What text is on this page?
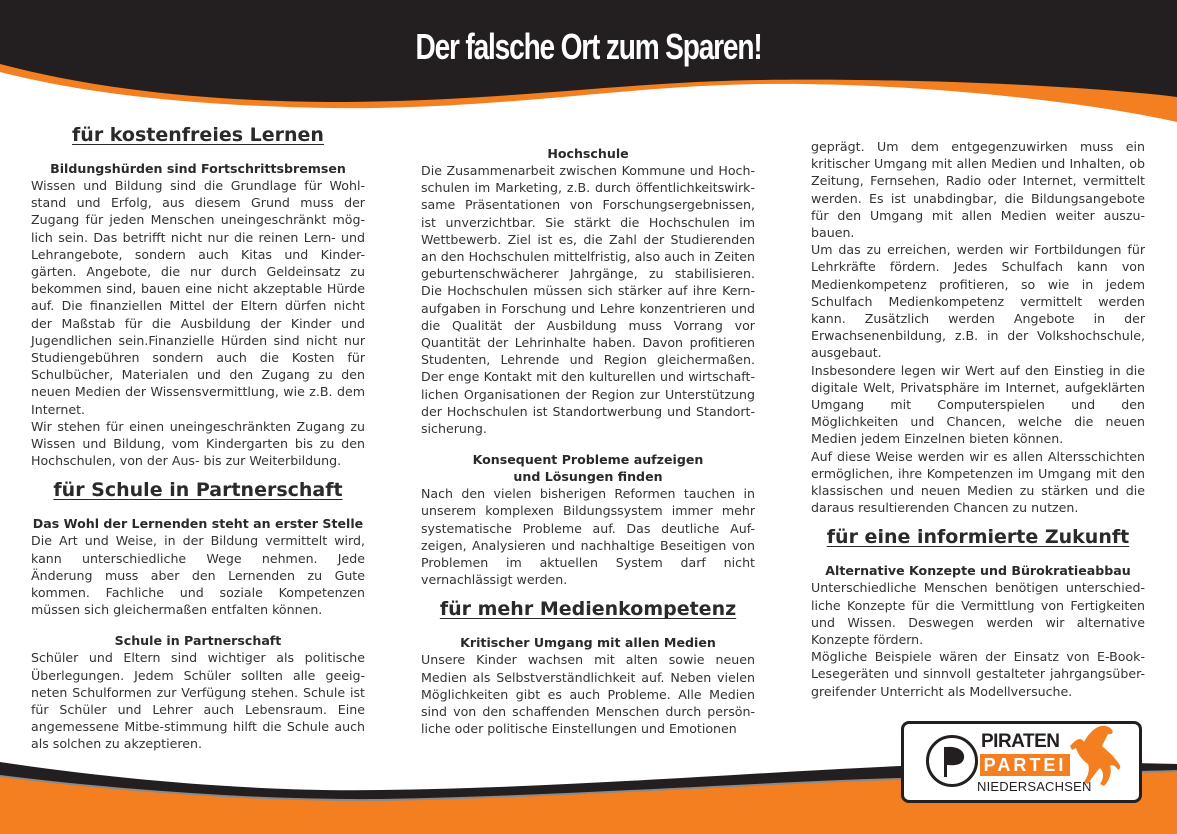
Der falsche Ort zum Sparen!
für kostenfreies Lernen
Bildungshürden sind Fortschrittsbremsen

Wissen und Bildung sind die Grundlage für Wohl-stand und Erfolg, aus diesem Grund muss der Zugang für jeden Menschen uneingeschränkt mög-lich sein. Das betrifft nicht nur die reinen Lern- und Lehrangebote, sondern auch Kitas und Kinder-gärten. Angebote, die nur durch Geldeinsatz zu bekommen sind, bauen eine nicht akzeptable Hürde auf. Die finanziellen Mittel der Eltern dürfen nicht der Maßstab für die Ausbildung der Kinder und Jugendlichen sein.Finanzielle Hürden sind nicht nur Studiengebühren sondern auch die Kosten für Schulbücher, Materialen und den Zugang zu den neuen Medien der Wissensvermittlung, wie z.B. dem Internet.

Wir stehen für einen uneingeschränkten Zugang zu Wissen und Bildung, vom Kindergarten bis zu den Hochschulen, von der Aus- bis zur Weiterbildung.

für Schule in Partnerschaft
Das Wohl der Lernenden steht an erster Stelle

Die Art und Weise, in der Bildung vermittelt wird, kann unterschiedliche Wege nehmen. Jede Änderung muss aber den Lernenden zu Gute kommen. Fachliche und soziale Kompetenzen müssen sich gleichermaßen entfalten können.

Schule in Partnerschaft

Schüler und Eltern sind wichtiger als politische Überlegungen. Jedem Schüler sollten alle geeig-neten Schulformen zur Verfügung stehen. Schule ist für Schüler und Lehrer auch Lebensraum. Eine angemessene Mitbe-stimmung hilft die Schule auch als solchen zu akzeptieren.

Hochschule

Die Zusammenarbeit zwischen Kommune und Hoch-schulen im Marketing, z.B. durch öffentlichkeitswirk-same Präsentationen von Forschungsergebnissen, ist unverzichtbar. Sie stärkt die Hochschulen im Wettbewerb. Ziel ist es, die Zahl der Studierenden an den Hochschulen mittelfristig, also auch in Zeiten geburtenschwächerer Jahrgänge, zu stabilisieren. Die Hochschulen müssen sich stärker auf ihre Kern-aufgaben in Forschung und Lehre konzentrieren und die Qualität der Ausbildung muss Vorrang vor Quantität der Lehrinhalte haben. Davon profitieren Studenten, Lehrende und Region gleichermaßen. Der enge Kontakt mit den kulturellen und wirtschaft-lichen Organisationen der Region zur Unterstützung der Hochschulen ist Standortwerbung und Standort-sicherung.

Konsequent Probleme aufzeigen
und Lösungen finden

Nach den vielen bisherigen Reformen tauchen in unserem komplexen Bildungssystem immer mehr systematische Probleme auf. Das deutliche Auf-zeigen, Analysieren und nachhaltige Beseitigen von Problemen im aktuellen System darf nicht vernachlässigt werden.

für mehr Medienkompetenz
Kritischer Umgang mit allen Medien

Unsere Kinder wachsen mit alten sowie neuen Medien als Selbstverständlichkeit auf. Neben vielen Möglichkeiten gibt es auch Probleme. Alle Medien sind von den schaffenden Menschen durch persön-liche oder politische Einstellungen und Emotionen

geprägt. Um dem entgegenzuwirken muss ein kritischer Umgang mit allen Medien und Inhalten, ob Zeitung, Fernsehen, Radio oder Internet, vermittelt werden. Es ist unabdingbar, die Bildungsangebote für den Umgang mit allen Medien weiter auszu-bauen.

Um das zu erreichen, werden wir Fortbildungen für Lehrkräfte fördern. Jedes Schulfach kann von Medienkompetenz profitieren, so wie in jedem Schulfach Medienkompetenz vermittelt werden kann. Zusätzlich werden Angebote in der Erwachsenenbildung, z.B. in der Volkshochschule, ausgebaut.

Insbesondere legen wir Wert auf den Einstieg in die digitale Welt, Privatsphäre im Internet, aufgeklärten Umgang mit Computerspielen und den Möglichkeiten und Chancen, welche die neuen Medien jedem Einzelnen bieten können.

Auf diese Weise werden wir es allen Altersschichten ermöglichen, ihre Kompetenzen im Umgang mit den klassischen und neuen Medien zu stärken und die daraus resultierenden Chancen zu nutzen.

für eine informierte Zukunft
Alternative Konzepte und Bürokratieabbau

Unterschiedliche Menschen benötigen unterschied-liche Konzepte für die Vermittlung von Fertigkeiten und Wissen. Deswegen werden wir alternative Konzepte fördern.

Mögliche Beispiele wären der Einsatz von E-Book-Lesegeräten und sinnvoll gestalteter jahrgangsüber-greifender Unterricht als Modellversuche.

PIRATEN
PARTEI
NIEDERSACHSEN
